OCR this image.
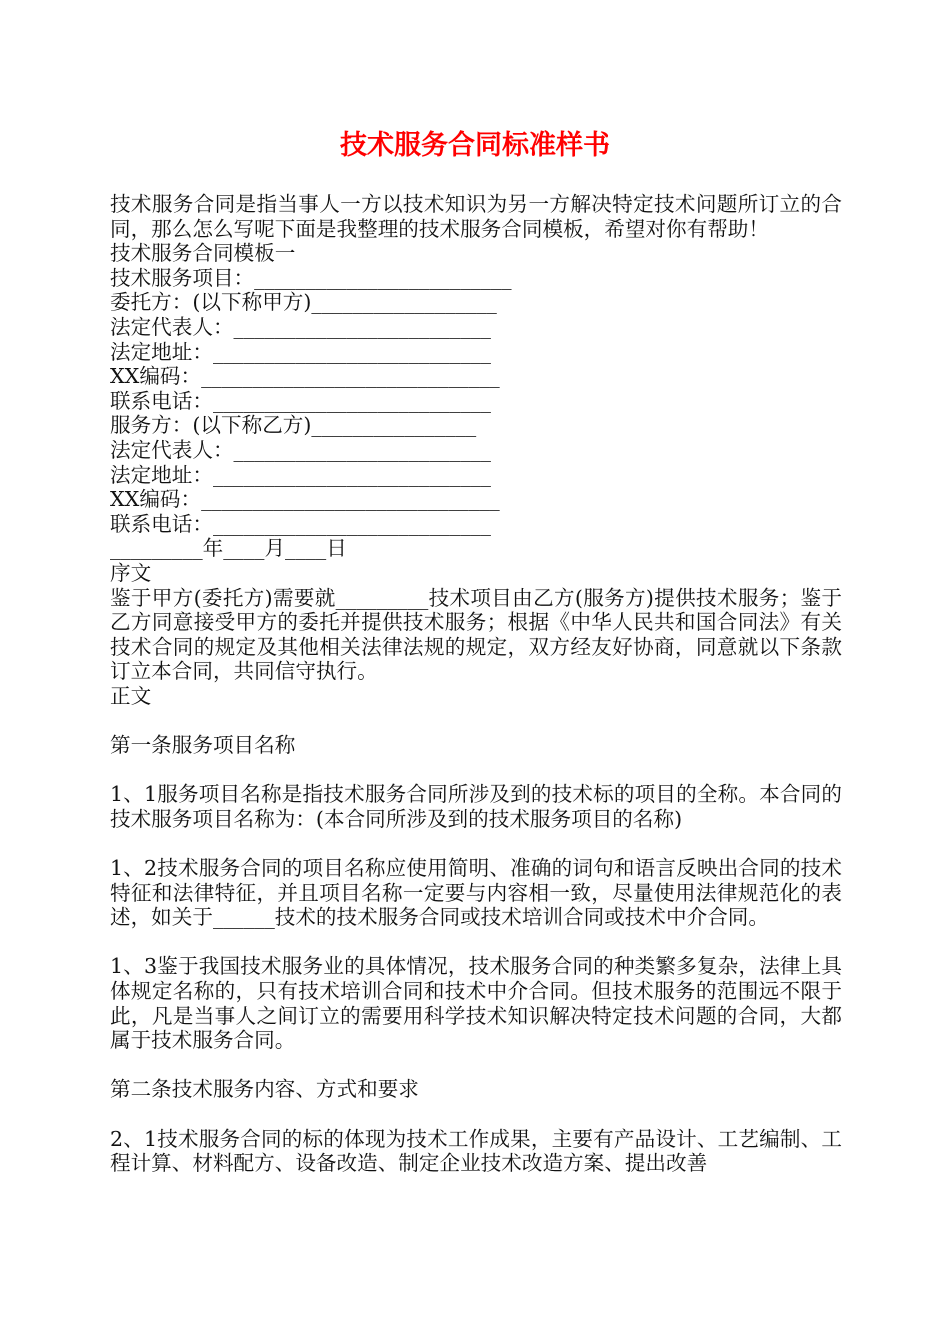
技术服务合同标准样书

技术服务合同是指当事人一方以技术知识为另一方解决特定技术问题所订立的合同，那么怎么写呢下面是我整理的技术服务合同模板，希望对你有帮助！

技术服务合同模板一

技术服务项目：_________________________

委托方：(以下称甲方)__________________

法定代表人：_________________________

法定地址：___________________________

XX编码：_____________________________

联系电话：___________________________

服务方：(以下称乙方)________________

法定代表人：_________________________

法定地址：___________________________

XX编码：_____________________________

联系电话：___________________________

_________年____月____日

序文

鉴于甲方(委托方)需要就_________技术项目由乙方(服务方)提供技术服务；鉴于乙方同意接受甲方的委托并提供技术服务；根据《中华人民共和国合同法》有关技术合同的规定及其他相关法律法规的规定，双方经友好协商，同意就以下条款订立本合同，共同信守执行。

正文

第一条服务项目名称

1、1服务项目名称是指技术服务合同所涉及到的技术标的项目的全称。本合同的技术服务项目名称为：(本合同所涉及到的技术服务项目的名称)

1、2技术服务合同的项目名称应使用简明、准确的词句和语言反映出合同的技术特征和法律特征，并且项目名称一定要与内容相一致，尽量使用法律规范化的表述，如关于______技术的技术服务合同或技术培训合同或技术中介合同。

1、3鉴于我国技术服务业的具体情况，技术服务合同的种类繁多复杂，法律上具体规定名称的，只有技术培训合同和技术中介合同。但技术服务的范围远不限于此，凡是当事人之间订立的需要用科学技术知识解决特定技术问题的合同，大都属于技术服务合同。

第二条技术服务内容、方式和要求

2、1技术服务合同的标的体现为技术工作成果，主要有产品设计、工艺编制、工程计算、材料配方、设备改造、制定企业技术改造方案、提出改善
